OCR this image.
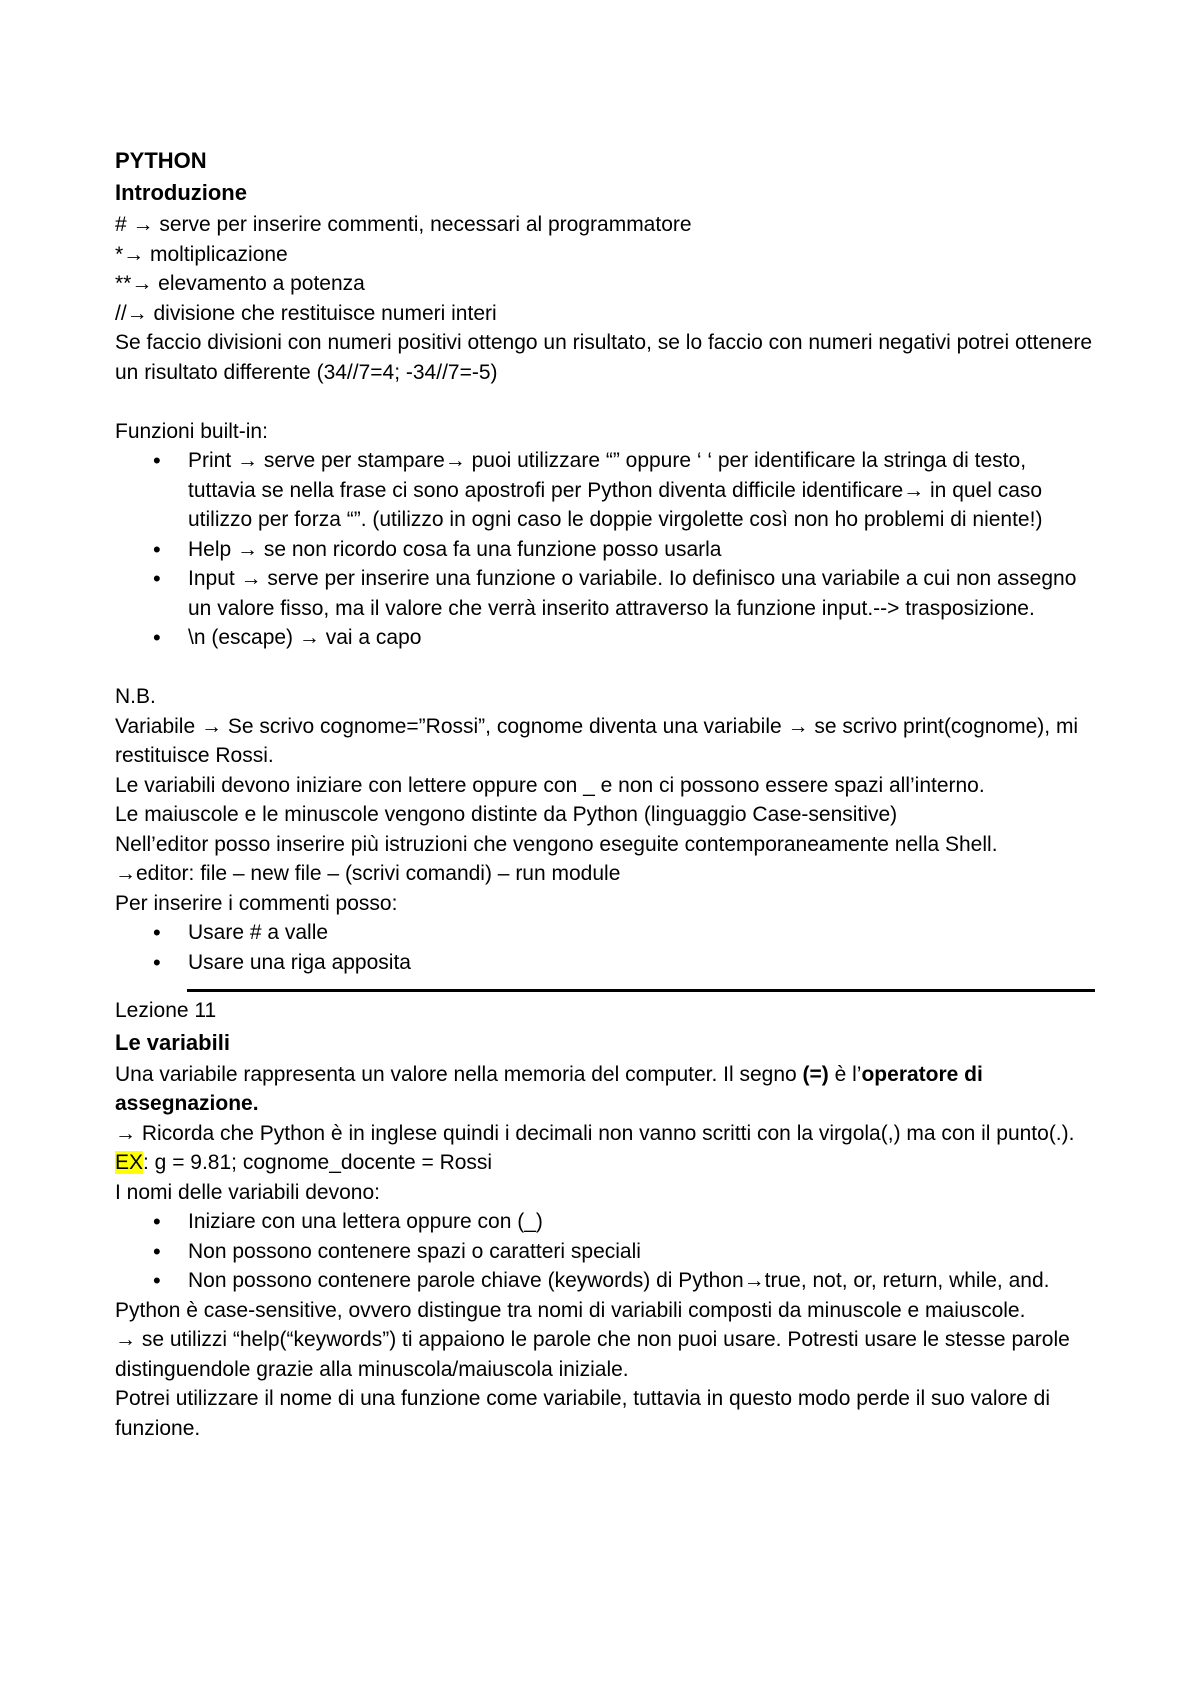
PYTHON
Introduzione
# → serve per inserire commenti, necessari al programmatore
*→ moltiplicazione
**→ elevamento a potenza
//→ divisione che restituisce numeri interi
Se faccio divisioni con numeri positivi ottengo un risultato, se lo faccio con numeri negativi potrei ottenere un risultato differente (34//7=4; -34//7=-5)
Funzioni built-in:
• Print → serve per stampare→ puoi utilizzare “” oppure ‘ ‘ per identificare la stringa di testo, tuttavia se nella frase ci sono apostrofi per Python diventa difficile identificare→ in quel caso utilizzo per forza “”. (utilizzo in ogni caso le doppie virgolette così non ho problemi di niente!)
• Help → se non ricordo cosa fa una funzione posso usarla
• Input → serve per inserire una funzione o variabile. Io definisco una variabile a cui non assegno un valore fisso, ma il valore che verrà inserito attraverso la funzione input.--> trasposizione.
• \n (escape) → vai a capo
N.B.
Variabile → Se scrivo cognome=”Rossi”, cognome diventa una variabile → se scrivo print(cognome), mi restituisce Rossi.
Le variabili devono iniziare con lettere oppure con _ e non ci possono essere spazi all’interno.
Le maiuscole e le minuscole vengono distinte da Python (linguaggio Case-sensitive)
Nell’editor posso inserire più istruzioni che vengono eseguite contemporaneamente nella Shell.
→editor: file – new file – (scrivi comandi) – run module
Per inserire i commenti posso:
• Usare # a valle
• Usare una riga apposita
Lezione 11
Le variabili
Una variabile rappresenta un valore nella memoria del computer. Il segno (=) è l’operatore di assegnazione.
→ Ricorda che Python è in inglese quindi i decimali non vanno scritti con la virgola(,) ma con il punto(.).
EX: g = 9.81; cognome_docente = Rossi
I nomi delle variabili devono:
• Iniziare con una lettera oppure con (_)
• Non possono contenere spazi o caratteri speciali
• Non possono contenere parole chiave (keywords) di Python→true, not, or, return, while, and.
Python è case-sensitive, ovvero distingue tra nomi di variabili composti da minuscole e maiuscole.
→ se utilizzi “help(“keywords”) ti appaiono le parole che non puoi usare. Potresti usare le stesse parole distinguendole grazie alla minuscola/maiuscola iniziale.
Potrei utilizzare il nome di una funzione come variabile, tuttavia in questo modo perde il suo valore di funzione.
